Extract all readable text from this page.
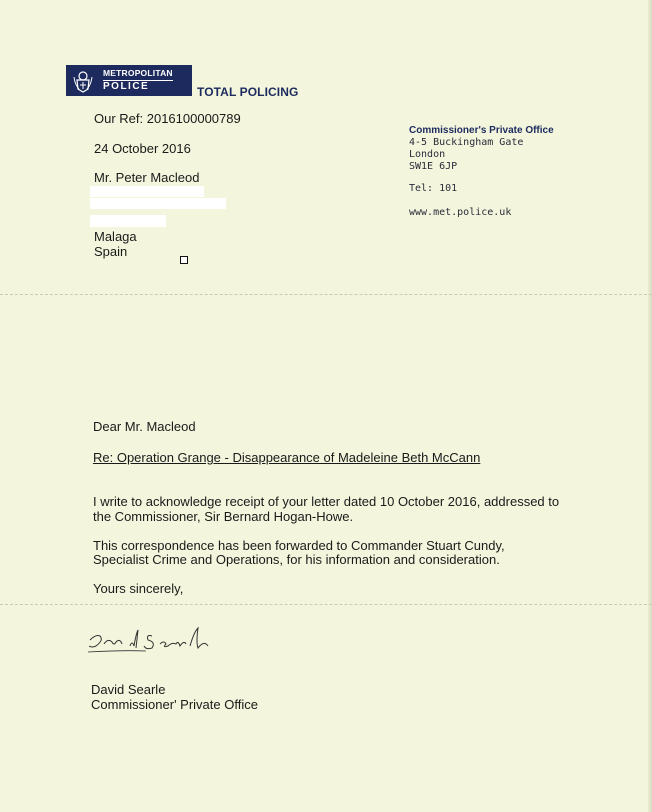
METROPOLITAN
POLICE	TOTAL POLICING
Our Ref: 2016100000789
24 October 2016
Mr. Peter Macleod
Malaga
Spain
Commissioner's Private Office
4-5 Buckingham Gate
London
SW1E 6JP
Tel: 101
www.met.police.uk
Dear Mr. Macleod
Re: Operation Grange - Disappearance of Madeleine Beth McCann
I write to acknowledge receipt of your letter dated 10 October 2016, addressed to
the Commissioner, Sir Bernard Hogan-Howe.
This correspondence has been forwarded to Commander Stuart Cundy,
Specialist Crime and Operations, for his information and consideration.
Yours sincerely,
David Searle
Commissioner' Private Office
